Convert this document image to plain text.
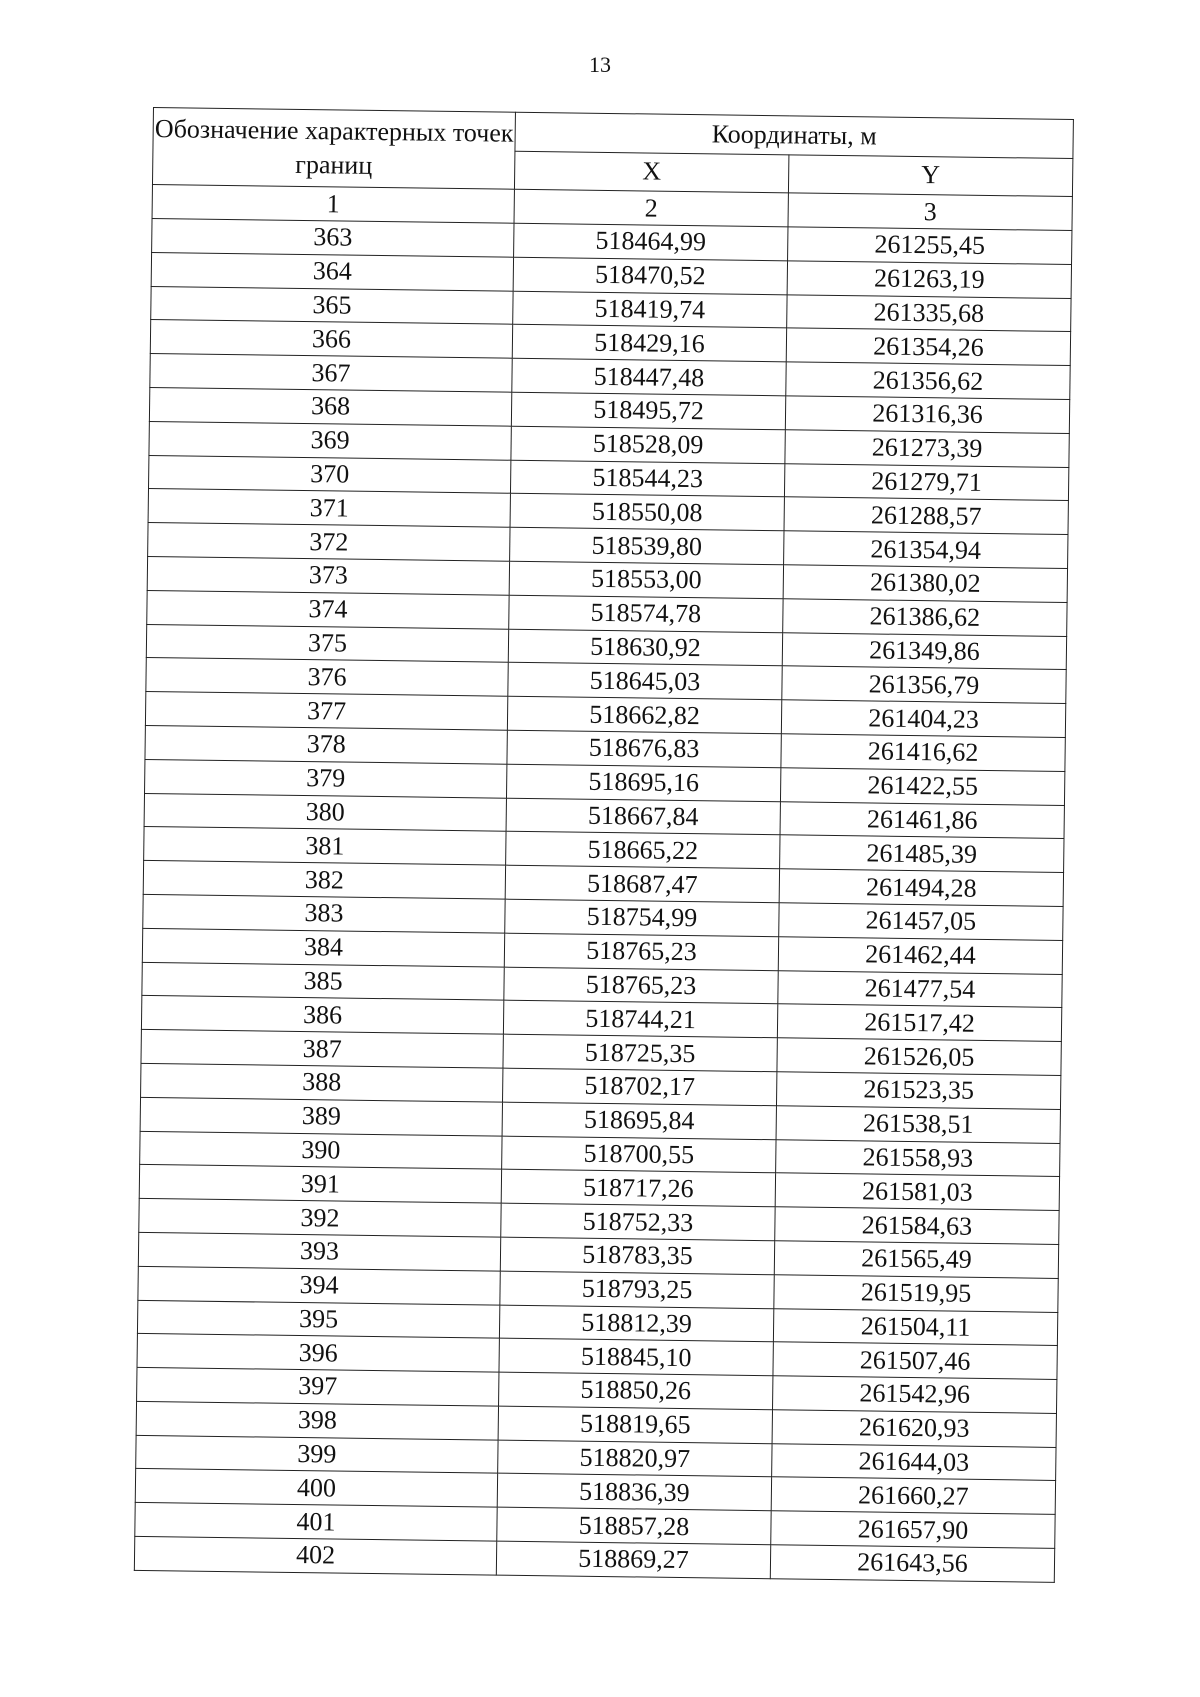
13
Обозначение характерных точек границ	Координаты, м	
	X	Y
1	2	3
363	518464,99	261255,45
364	518470,52	261263,19
365	518419,74	261335,68
366	518429,16	261354,26
367	518447,48	261356,62
368	518495,72	261316,36
369	518528,09	261273,39
370	518544,23	261279,71
371	518550,08	261288,57
372	518539,80	261354,94
373	518553,00	261380,02
374	518574,78	261386,62
375	518630,92	261349,86
376	518645,03	261356,79
377	518662,82	261404,23
378	518676,83	261416,62
379	518695,16	261422,55
380	518667,84	261461,86
381	518665,22	261485,39
382	518687,47	261494,28
383	518754,99	261457,05
384	518765,23	261462,44
385	518765,23	261477,54
386	518744,21	261517,42
387	518725,35	261526,05
388	518702,17	261523,35
389	518695,84	261538,51
390	518700,55	261558,93
391	518717,26	261581,03
392	518752,33	261584,63
393	518783,35	261565,49
394	518793,25	261519,95
395	518812,39	261504,11
396	518845,10	261507,46
397	518850,26	261542,96
398	518819,65	261620,93
399	518820,97	261644,03
400	518836,39	261660,27
401	518857,28	261657,90
402	518869,27	261643,56
